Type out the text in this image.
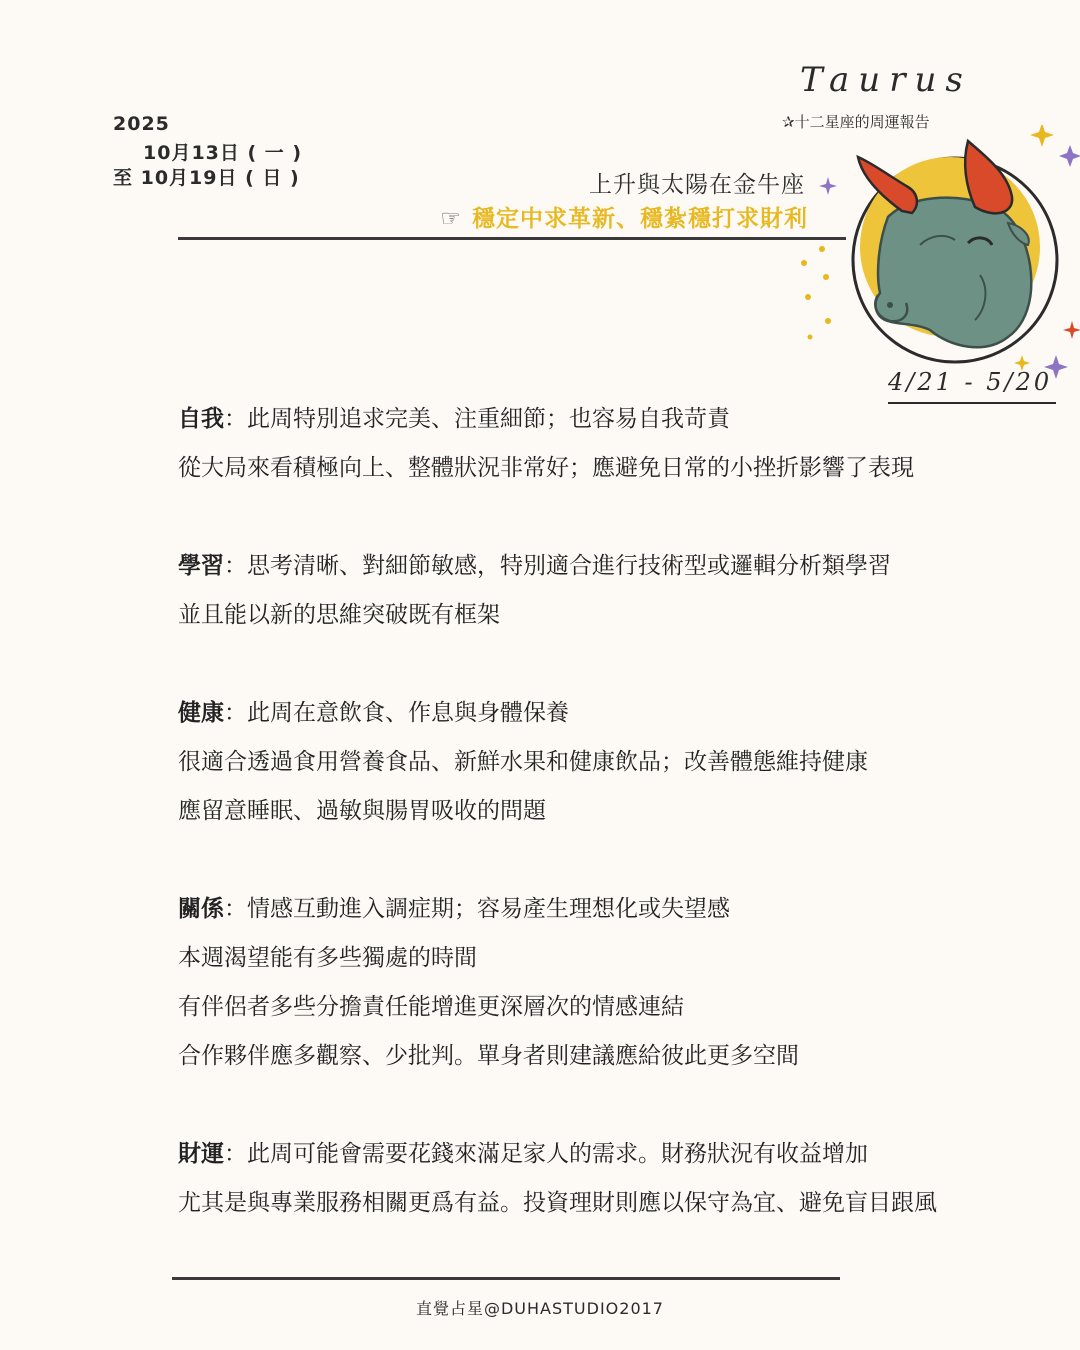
2025
10月13日 ( 一 )
至 10月19日 ( 日 )
Taurus
✰十二星座的周運報告
上升與太陽在金牛座
☞ 穩定中求革新、穩紮穩打求財利
4/21 - 5/20
自我：此周特別追求完美、注重細節；也容易自我苛責
從大局來看積極向上、整體狀況非常好；應避免日常的小挫折影響了表現
學習：思考清晰、對細節敏感，特別適合進行技術型或邏輯分析類學習
並且能以新的思維突破既有框架
健康：此周在意飲食、作息與身體保養
很適合透過食用營養食品、新鮮水果和健康飲品；改善體態維持健康
應留意睡眠、過敏與腸胃吸收的問題
關係：情感互動進入調症期；容易產生理想化或失望感
本週渴望能有多些獨處的時間
有伴侶者多些分擔責任能增進更深層次的情感連結
合作夥伴應多觀察、少批判。單身者則建議應給彼此更多空間
財運：此周可能會需要花錢來滿足家人的需求。財務狀況有收益增加
尤其是與專業服務相關更爲有益。投資理財則應以保守為宜、避免盲目跟風
直覺占星@DUHASTUDIO2017
